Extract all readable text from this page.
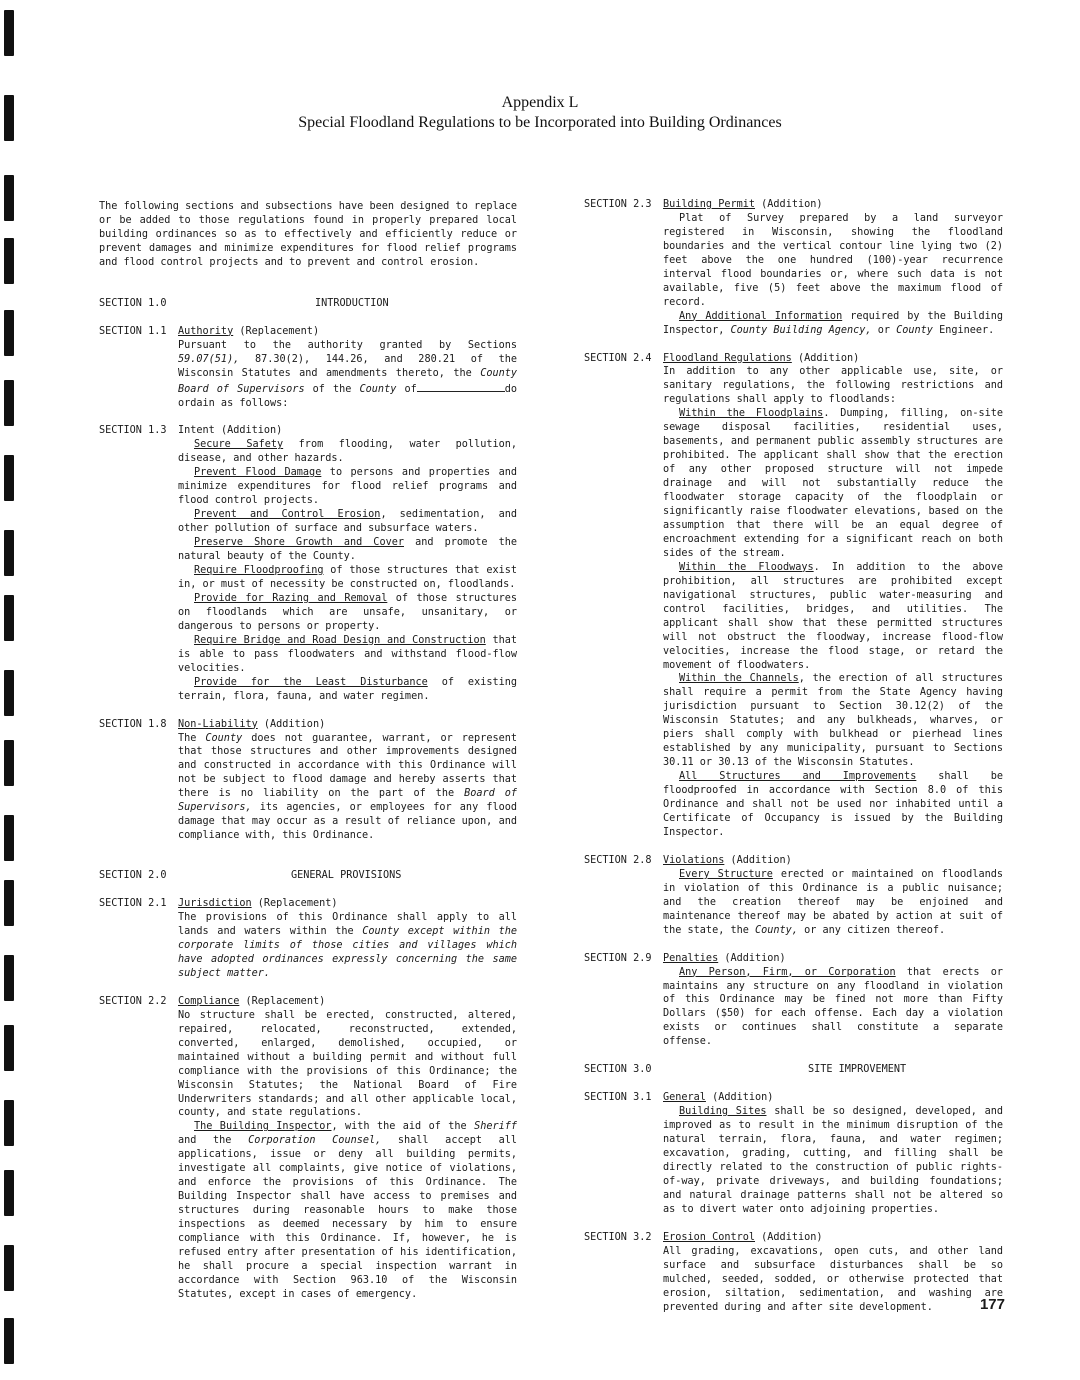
Appendix L
Special Floodland Regulations to be Incorporated into Building Ordinances

The following sections and subsections have been designed to replace or be added to those regulations found in properly prepared local building ordinances so as to effectively and efficiently reduce or prevent damages and minimize expenditures for flood relief programs and flood control projects and to prevent and control erosion.

SECTION 1.0	INTRODUCTION
SECTION 1.1 Authority (Replacement)
Pursuant to the authority granted by Sections 59.07(51), 87.30(2), 144.26, and 280.21 of the Wisconsin Statutes and amendments thereto, the County Board of Supervisors of the County of	do ordain as follows:
SECTION 1.3 Intent (Addition)
Secure Safety from flooding, water pollution, disease, and other hazards.
Prevent Flood Damage to persons and properties and minimize expenditures for flood relief programs and flood control projects.
Prevent and Control Erosion, sedimentation, and other pollution of surface and subsurface waters.
Preserve Shore Growth and Cover and promote the natural beauty of the County.
Require Floodproofing of those structures that exist in, or must of necessity be constructed on, floodlands.
Provide for Razing and Removal of those structures on floodlands which are unsafe, unsanitary, or dangerous to persons or property.
Require Bridge and Road Design and Construction that is able to pass floodwaters and withstand flood-flow velocities.
Provide for the Least Disturbance of existing terrain, flora, fauna, and water regimen.
SECTION 1.8 Non-Liability (Addition)
The County does not guarantee, warrant, or represent that those structures and other improvements designed and constructed in accordance with this Ordinance will not be subject to flood damage and hereby asserts that there is no liability on the part of the Board of Supervisors, its agencies, or employees for any flood damage that may occur as a result of reliance upon, and compliance with, this Ordinance.
SECTION 2.0	GENERAL PROVISIONS
SECTION 2.1 Jurisdiction (Replacement)
The provisions of this Ordinance shall apply to all lands and waters within the County except within the corporate limits of those cities and villages which have adopted ordinances expressly concerning the same subject matter.
SECTION 2.2 Compliance (Replacement)
No structure shall be erected, constructed, altered, repaired, relocated, reconstructed, extended, converted, enlarged, demolished, occupied, or maintained without a building permit and without full compliance with the provisions of this Ordinance; the Wisconsin Statutes; the National Board of Fire Underwriters standards; and all other applicable local, county, and state regulations.
The Building Inspector, with the aid of the Sheriff and the Corporation Counsel, shall accept all applications, issue or deny all building permits, investigate all complaints, give notice of violations, and enforce the provisions of this Ordinance. The Building Inspector shall have access to premises and structures during reasonable hours to make those inspections as deemed necessary by him to ensure compliance with this Ordinance. If, however, he is refused entry after presentation of his identification, he shall procure a special inspection warrant in accordance with Section 963.10 of the Wisconsin Statutes, except in cases of emergency.
SECTION 2.3 Building Permit (Addition)
Plat of Survey prepared by a land surveyor registered in Wisconsin, showing the floodland boundaries and the vertical contour line lying two (2) feet above the one hundred (100)-year recurrence interval flood boundaries or, where such data is not available, five (5) feet above the maximum flood of record.
Any Additional Information required by the Building Inspector, County Building Agency, or County Engineer.
SECTION 2.4 Floodland Regulations (Addition)
In addition to any other applicable use, site, or sanitary regulations, the following restrictions and regulations shall apply to floodlands:
Within the Floodplains. Dumping, filling, on-site sewage disposal facilities, residential uses, basements, and permanent public assembly structures are prohibited. The applicant shall show that the erection of any other proposed structure will not impede drainage and will not substantially reduce the floodwater storage capacity of the floodplain or significantly raise floodwater elevations, based on the assumption that there will be an equal degree of encroachment extending for a significant reach on both sides of the stream.
Within the Floodways. In addition to the above prohibition, all structures are prohibited except navigational structures, public water-measuring and control facilities, bridges, and utilities. The applicant shall show that these permitted structures will not obstruct the floodway, increase flood-flow velocities, increase the flood stage, or retard the movement of floodwaters.
Within the Channels, the erection of all structures shall require a permit from the State Agency having jurisdiction pursuant to Section 30.12(2) of the Wisconsin Statutes; and any bulkheads, wharves, or piers shall comply with bulkhead or pierhead lines established by any municipality, pursuant to Sections 30.11 or 30.13 of the Wisconsin Statutes.
All Structures and Improvements shall be floodproofed in accordance with Section 8.0 of this Ordinance and shall not be used nor inhabited until a Certificate of Occupancy is issued by the Building Inspector.
SECTION 2.8 Violations (Addition)
Every Structure erected or maintained on floodlands in violation of this Ordinance is a public nuisance; and the creation thereof may be enjoined and maintenance thereof may be abated by action at suit of the state, the County, or any citizen thereof.
SECTION 2.9 Penalties (Addition)
Any Person, Firm, or Corporation that erects or maintains any structure on any floodland in violation of this Ordinance may be fined not more than Fifty Dollars ($50) for each offense. Each day a violation exists or continues shall constitute a separate offense.
SECTION 3.0	SITE IMPROVEMENT
SECTION 3.1 General (Addition)
Building Sites shall be so designed, developed, and improved as to result in the minimum disruption of the natural terrain, flora, fauna, and water regimen; excavation, grading, cutting, and filling shall be directly related to the construction of public rights-of-way, private driveways, and building foundations; and natural drainage patterns shall not be altered so as to divert water onto adjoining properties.
SECTION 3.2 Erosion Control (Addition)
All grading, excavations, open cuts, and other land surface and subsurface disturbances shall be so mulched, seeded, sodded, or otherwise protected that erosion, siltation, sedimentation, and washing are prevented during and after site development.	177
